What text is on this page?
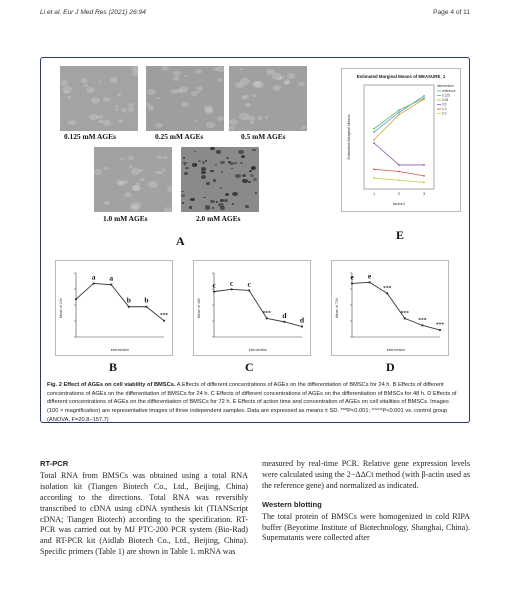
Li et al. Eur J Med Res (2021) 26:94	Page 4 of 11
0.125 mM AGEs	0.25 mM AGEs	0.5 mM AGEs
1.0 mM AGEs	2.0 mM AGEs
A
Estimated Marginal Means of MEASURE_1
1	2	3
factor1
Estimated Marginal Means
intervention
reference
0.125
0.25
0.5
1.0
2.0
E
a a
b b
***
Mean of 24h
intervention
B
c c c
*** d
d
Mean of 48h
intervention
C
e e
***
***
***
***
Mean of 72h
intervention
D
Fig. 2 Effect of AGEs on cell viability of BMSCs. A Effects of different concentrations of AGEs on the differentiation of BMSCs for 24 h. B Effects of different concentrations of AGEs on the differentiation of BMSCs for 24 h. C Effects of different concentrations of AGEs on the differentiation of BMSCs for 48 h. D Effects of different concentrations of AGEs on the differentiation of BMSCs for 72 h. E Effects of action time and concentration of AGEs on cell vitalities of BMSCs. Images (100 × magnification) are representative images of three independent samples. Data are expressed as means ± SD. ***P<0.001; ^^^^P<0.001 vs. control group (ANOVA, F=20.8–157.7)
RT-PCR
Total RNA from BMSCs was obtained using a total RNA isolation kit (Tiangen Biotech Co., Ltd., Beijing, China) according to the directions. Total RNA was reversibly transcribed to cDNA using cDNA synthesis kit (TIANScript cDNA; Tiangen Biotech) according to the specification. RT-PCR was carried out by MJ PTC-200 PCR system (Bio-Rad) and RT-PCR kit (Aidlab Biotech Co., Ltd., Beijing, China). Specific primers (Table 1) are shown in Table 1. mRNA was
measured by real-time PCR. Relative gene expression levels were calculated using the 2−ΔΔCt method (with β-actin used as the reference gene) and normalized as indicated.
Western blotting
The total protein of BMSCs were homogenized in cold RIPA buffer (Beyotime Institute of Biotechnology, Shanghai, China). Supernatants were collected after
